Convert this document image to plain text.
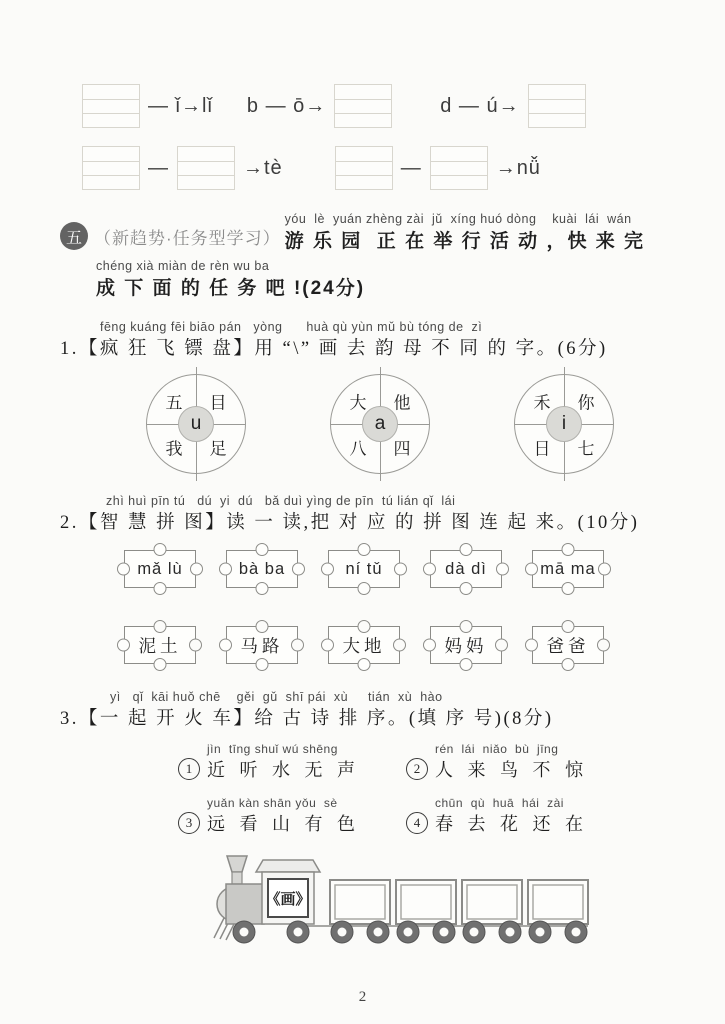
— ǐ→lǐ b — ō→	d — ú→
—	→tè	—	→nǚ
五 （新趋势·任务型学习）
yóu  lè  yuán zhèng zài  jǔ  xíng huó dòng    kuài  lái  wán
游 乐 园  正 在 举 行 活 动 ，快 来 完
chéng xià miàn de rèn wu ba
成 下 面 的 任 务 吧 !(24分)
fēng kuáng fēi biāo pán   yòng      huà qù yùn mǔ bù tóng de  zì
1.【疯 狂 飞 镖 盘】用 “\” 画 去 韵 母 不 同 的 字。(6分)
五 目
我 足
u
大 他
八 四
a
禾 你
日 七
i
zhì huì pīn tú   dú  yi  dú   bǎ duì yìng de pīn  tú lián qǐ  lái
2.【智 慧 拼 图】读 一 读,把 对 应 的 拼 图 连 起 来。(10分)
mǎ lù	bà ba	ní tǔ	dà dì	mā ma
泥土	马路	大地	妈妈	爸爸
yì   qǐ  kāi huǒ chē    gěi  gǔ  shī pái  xù     tián  xù  hào
3.【一 起 开 火 车】给 古 诗 排 序。(填 序 号)(8分)
1
jìn  tīng shuǐ wú shēng
近 听 水 无 声	2
rén  lái  niǎo  bù  jīng
人 来 鸟 不 惊
3
yuǎn kàn shān yǒu  sè
远 看 山 有 色	4
chūn  qù  huā  hái  zài
春 去 花 还 在
《画》
2
